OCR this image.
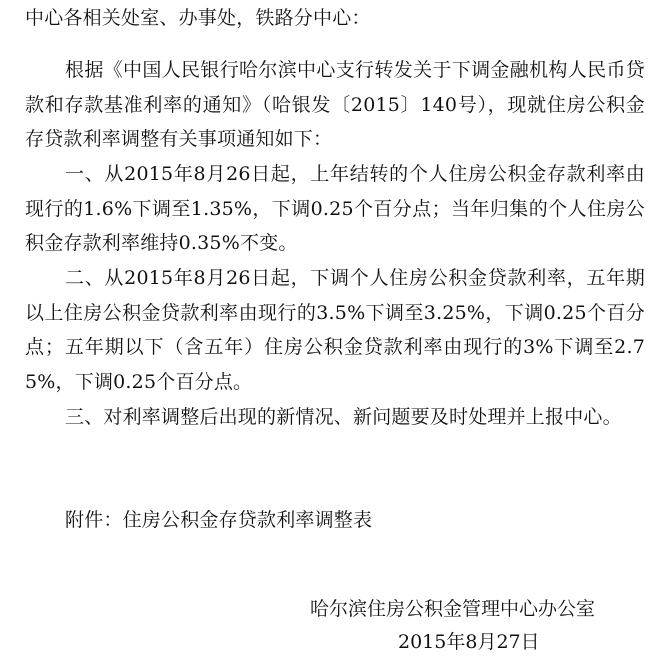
中心各相关处室、办事处，铁路分中心：

根据《中国人民银行哈尔滨中心支行转发关于下调金融机构人民币贷款和存款基准利率的通知》（哈银发〔2015〕140号），现就住房公积金存贷款利率调整有关事项通知如下：

一、从2015年8月26日起，上年结转的个人住房公积金存款利率由现行的1.6%下调至1.35%，下调0.25个百分点；当年归集的个人住房公积金存款利率维持0.35%不变。

二、从2015年8月26日起，下调个人住房公积金贷款利率，五年期以上住房公积金贷款利率由现行的3.5%下调至3.25%，下调0.25个百分点；五年期以下（含五年）住房公积金贷款利率由现行的3%下调至2.75%，下调0.25个百分点。

三、对利率调整后出现的新情况、新问题要及时处理并上报中心。

附件：住房公积金存贷款利率调整表

哈尔滨住房公积金管理中心办公室

2015年8月27日
